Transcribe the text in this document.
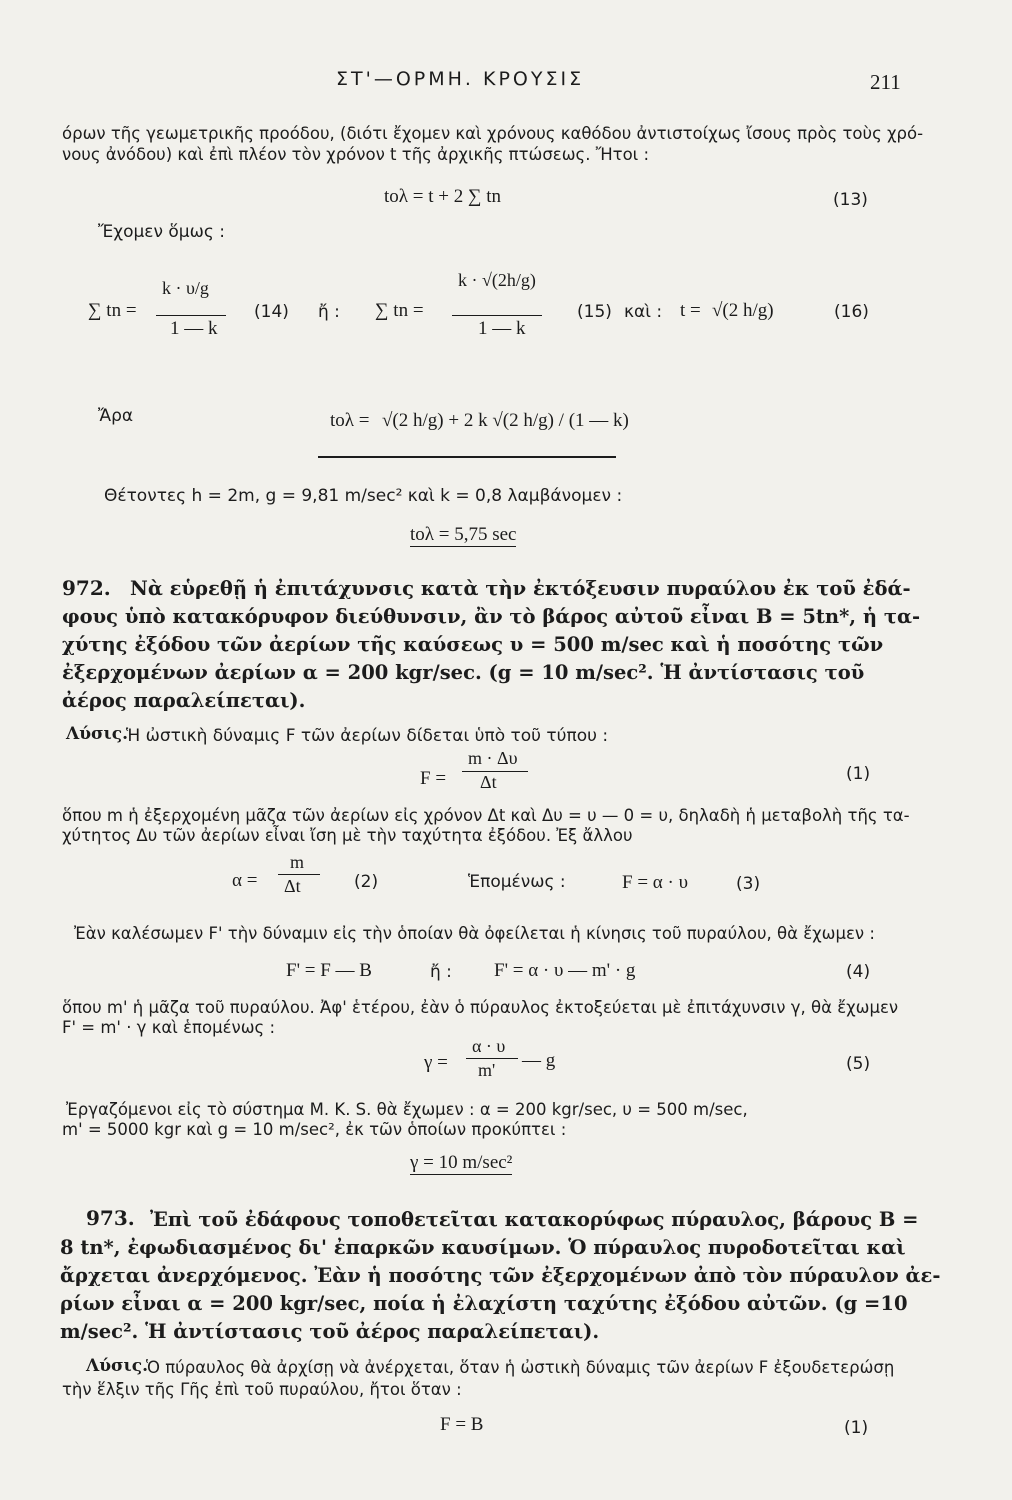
ΣΤ'—ΟΡΜΗ. ΚΡΟΥΣΙΣ	211
όρων τῆς γεωμετρικῆς προόδου, (διότι ἔχομεν καὶ χρόνους καθόδου ἀντιστοίχως ἴσους πρὸς τοὺς χρό-
νους ἀνόδου) καὶ ἐπὶ πλέον τὸν χρόνον t τῆς ἀρχικῆς πτώσεως. Ἤτοι :
tολ = t + 2 ∑ tn	(13)
Ἔχομεν ὅμως :
∑ tn =
k · υ/g
1 — k
(14) ἤ : ∑ tn =
k · √(2h/g)
1 — k
(15) καὶ : t = √(2 h/g)	(16)
Ἄρα	tολ = √(2 h/g) + 2 k √(2 h/g) / (1 — k)
Θέτοντες h = 2m, g = 9,81 m/sec² καὶ k = 0,8 λαμβάνομεν :
tολ = 5,75 sec
972. Νὰ εὑρεθῇ ἡ ἐπιτάχυνσις κατὰ τὴν ἐκτόξευσιν πυραύλου ἐκ τοῦ ἐδά-
φους ὑπὸ κατακόρυφον διεύθυνσιν, ἂν τὸ βάρος αὐτοῦ εἶναι B = 5tn*, ἡ τα-
χύτης ἐξόδου τῶν ἀερίων τῆς καύσεως υ = 500 m/sec καὶ ἡ ποσότης τῶν
ἐξερχομένων ἀερίων α = 200 kgr/sec. (g = 10 m/sec². Ἡ ἀντίστασις τοῦ
ἀέρος παραλείπεται).
Λύσις.
Ἡ ὠστικὴ δύναμις F τῶν ἀερίων δίδεται ὑπὸ τοῦ τύπου :
F =
m · Δυ
Δt	(1)
ὅπου m ἡ ἐξερχομένη μᾶζα τῶν ἀερίων εἰς χρόνον Δt καὶ Δυ = υ — 0 = υ, δηλαδὴ ἡ μεταβολὴ τῆς τα-
χύτητος Δυ τῶν ἀερίων εἶναι ἴση μὲ τὴν ταχύτητα ἐξόδου. Ἐξ ἄλλου
α =
m
Δt	(2)	Ἑπομένως :	F = α · υ	(3)
Ἐὰν καλέσωμεν F' τὴν δύναμιν εἰς τὴν ὁποίαν θὰ ὀφείλεται ἡ κίνησις τοῦ πυραύλου, θὰ ἔχωμεν :
F' = F — B	ἤ : F' = α · υ — m' · g	(4)
ὅπου m' ἡ μᾶζα τοῦ πυραύλου. Ἀφ' ἑτέρου, ἐὰν ὁ πύραυλος ἐκτοξεύεται μὲ ἐπιτάχυνσιν γ, θὰ ἔχωμεν
F' = m' · γ καὶ ἑπομένως :
γ =
α · υ
m' — g	(5)
Ἐργαζόμενοι εἰς τὸ σύστημα M. K. S. θὰ ἔχωμεν : α = 200 kgr/sec, υ = 500 m/sec,
m' = 5000 kgr καὶ g = 10 m/sec², ἐκ τῶν ὁποίων προκύπτει :
γ = 10 m/sec²
973. Ἐπὶ τοῦ ἐδάφους τοποθετεῖται κατακορύφως πύραυλος, βάρους B =
8 tn*, ἐφωδιασμένος δι' ἐπαρκῶν καυσίμων. Ὁ πύραυλος πυροδοτεῖται καὶ
ἄρχεται ἀνερχόμενος. Ἐὰν ἡ ποσότης τῶν ἐξερχομένων ἀπὸ τὸν πύραυλον ἀε-
ρίων εἶναι α = 200 kgr/sec, ποία ἡ ἐλαχίστη ταχύτης ἐξόδου αὐτῶν. (g =10
m/sec². Ἡ ἀντίστασις τοῦ ἀέρος παραλείπεται).
Λύσις.
Ὁ πύραυλος θὰ ἀρχίσῃ νὰ ἀνέρχεται, ὅταν ἡ ὠστικὴ δύναμις τῶν ἀερίων F ἐξουδετερώσῃ
τὴν ἕλξιν τῆς Γῆς ἐπὶ τοῦ πυραύλου, ἤτοι ὅταν :
F = B	(1)
